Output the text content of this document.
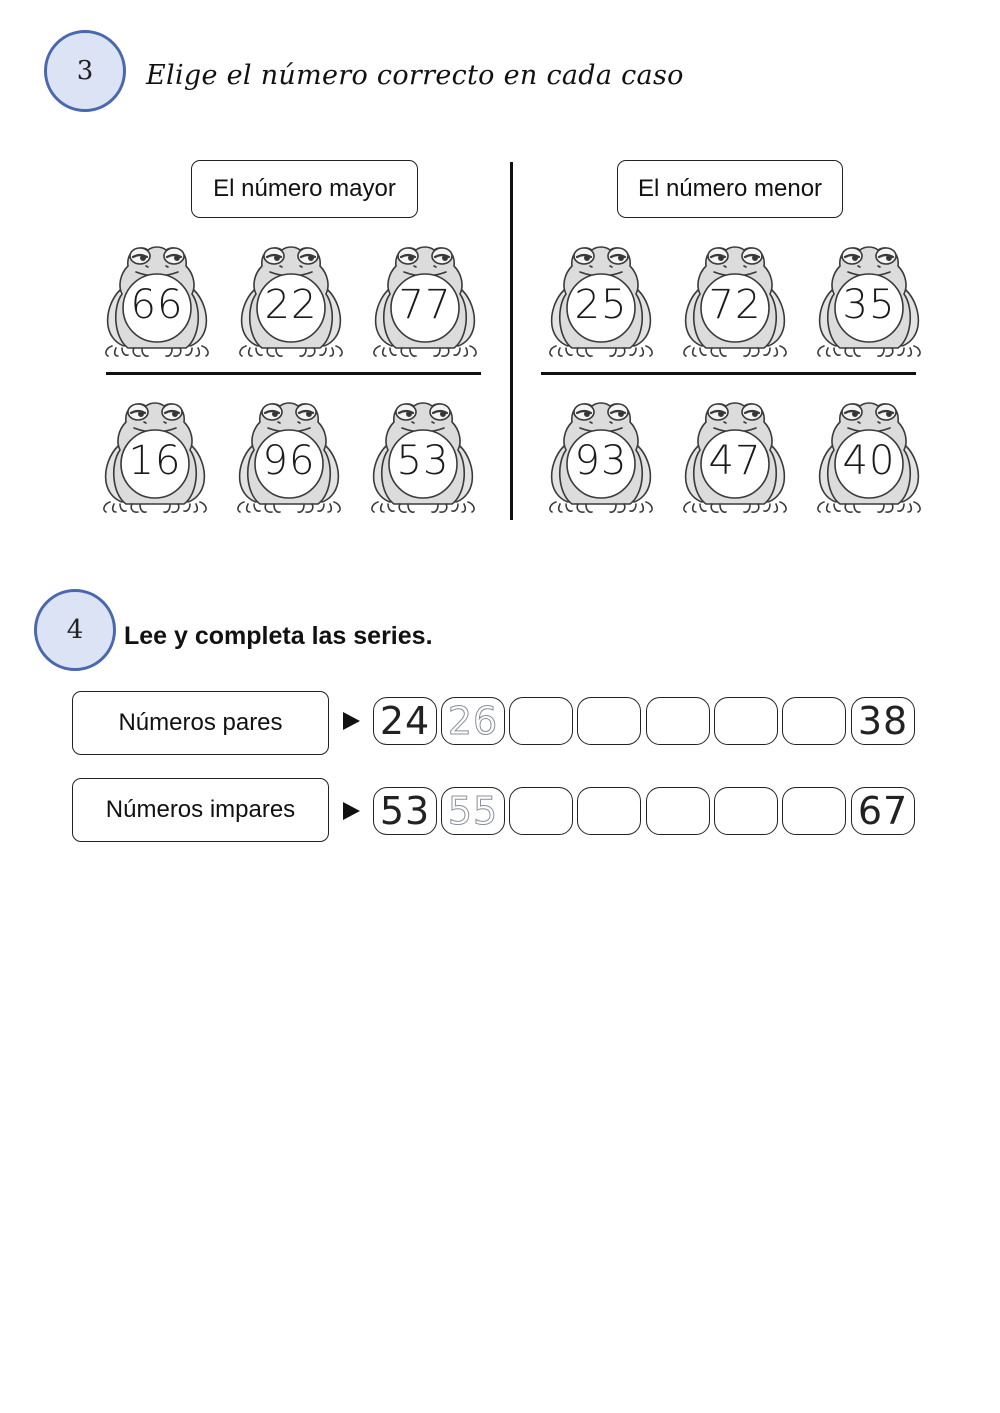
3 Elige el número correcto en cada caso
El número mayor	El número menor
66	22	77
16	96	53
25	72	35
93	47	40
4 Lee y completa las series.
Números pares
Números impares
24 26	38
53 55	67
